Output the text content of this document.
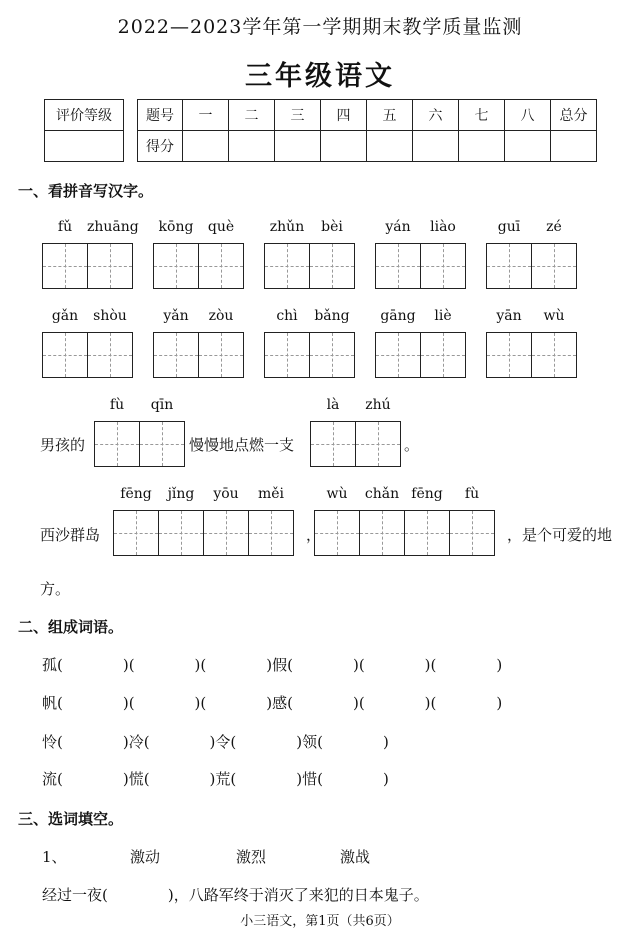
2022—2023学年第一学期期末教学质量监测
三年级语文
评价等级 题号	一	二	三	四	五	六	七	八	总分
得分									
一、看拼音写汉字。
fǔ	zhuāng	kōng	què	zhǔn	bèi	yán	liào	guī	zé
gǎn	shòu	yǎn	zòu	chì	bǎng	gāng	liè	yān	wù
fù	qīn	là	zhú
fēng	jǐng	yōu	měi	wù	chǎn fēng	fù
男孩的	慢慢地点燃一支	。
西沙群岛	，	，是个可爱的地
方。
二、组成词语。
孤(　　　　)(　　　　)(　　　　)假(　　　　)(　　　　)(　　　　)
帆(　　　　)(　　　　)(　　　　)感(　　　　)(　　　　)(　　　　)
怜(　　　　)冷(　　　　)令(　　　　)领(　　　　)
流(　　　　)慌(　　　　)荒(　　　　)惜(　　　　)
三、选词填空。
1、	激动	激烈	激战
经过一夜(　　　　)，八路军终于消灭了来犯的日本鬼子。
小三语文，第1页（共6页）
